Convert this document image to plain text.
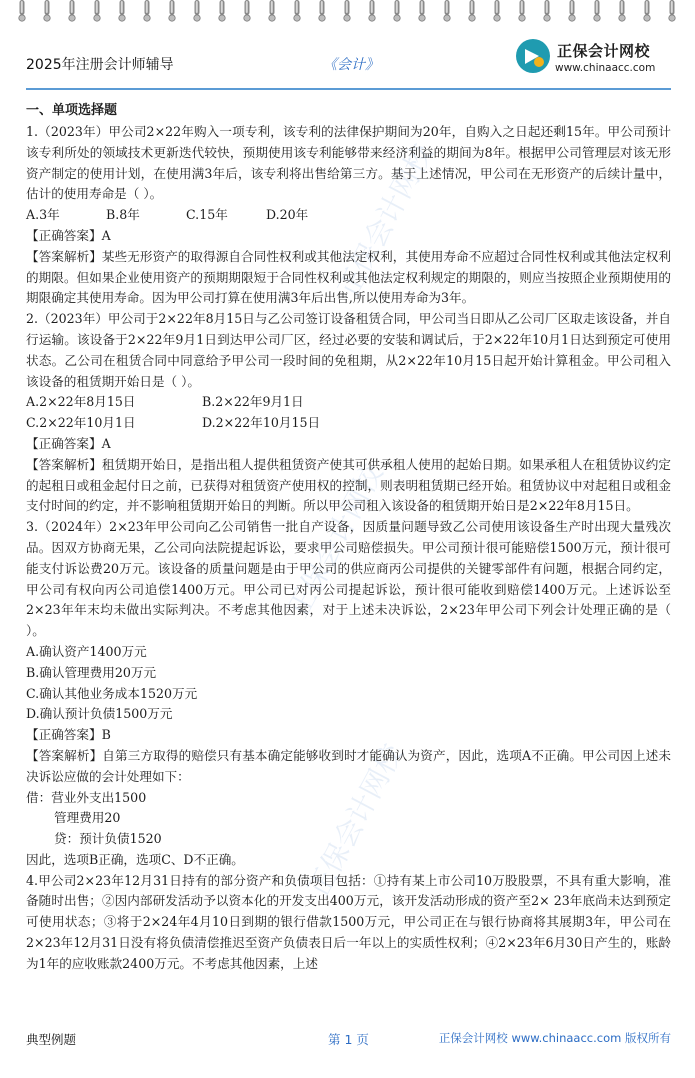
2025年注册会计师辅导	《会计》
正保会计网校
www.chinaacc.com
正保会计网校
正保会计网校
正保会计网校
一、单项选择题

1.（2023年）甲公司2×22年购入一项专利，该专利的法律保护期间为20年，自购入之日起还剩15年。甲公司预计该专利所处的领域技术更新迭代较快，预期使用该专利能够带来经济利益的期间为8年。根据甲公司管理层对该无形资产制定的使用计划，在使用满3年后，该专利将出售给第三方。基于上述情况，甲公司在无形资产的后续计量中，估计的使用寿命是（ ）。

A.3年	B.8年	C.15年	D.20年

【正确答案】A

【答案解析】某些无形资产的取得源自合同性权利或其他法定权利，其使用寿命不应超过合同性权利或其他法定权利的期限。但如果企业使用资产的预期期限短于合同性权利或其他法定权利规定的期限的，则应当按照企业预期使用的期限确定其使用寿命。因为甲公司打算在使用满3年后出售,所以使用寿命为3年。

2.（2023年）甲公司于2×22年8月15日与乙公司签订设备租赁合同，甲公司当日即从乙公司厂区取走该设备，并自行运输。该设备于2×22年9月1日到达甲公司厂区，经过必要的安装和调试后，于2×22年10月1日达到预定可使用状态。乙公司在租赁合同中同意给予甲公司一段时间的免租期，从2×22年10月15日起开始计算租金。甲公司租入该设备的租赁期开始日是（ ）。

A.2×22年8月15日	B.2×22年9月1日
C.2×22年10月1日	D.2×22年10月15日

【正确答案】A

【答案解析】租赁期开始日，是指出租人提供租赁资产使其可供承租人使用的起始日期。如果承租人在租赁协议约定的起租日或租金起付日之前，已获得对租赁资产使用权的控制，则表明租赁期已经开始。租赁协议中对起租日或租金支付时间的约定，并不影响租赁期开始日的判断。所以甲公司租入该设备的租赁期开始日是2×22年8月15日。

3.（2024年）2×23年甲公司向乙公司销售一批自产设备，因质量问题导致乙公司使用该设备生产时出现大量残次品。因双方协商无果，乙公司向法院提起诉讼，要求甲公司赔偿损失。甲公司预计很可能赔偿1500万元，预计很可能支付诉讼费20万元。该设备的质量问题是由于甲公司的供应商丙公司提供的关键零部件有问题，根据合同约定，甲公司有权向丙公司追偿1400万元。甲公司已对丙公司提起诉讼，预计很可能收到赔偿1400万元。上述诉讼至2×23年年末均未做出实际判决。不考虑其他因素，对于上述未决诉讼，2×23年甲公司下列会计处理正确的是（ ）。

A.确认资产1400万元

B.确认管理费用20万元

C.确认其他业务成本1520万元

D.确认预计负债1500万元

【正确答案】B

【答案解析】自第三方取得的赔偿只有基本确定能够收到时才能确认为资产，因此，选项A不正确。甲公司因上述未决诉讼应做的会计处理如下：

借：营业外支出1500

管理费用20

贷：预计负债1520

因此，选项B正确，选项C、D不正确。

4.甲公司2×23年12月31日持有的部分资产和负债项目包括：①持有某上市公司10万股股票，不具有重大影响，准备随时出售；②因内部研发活动予以资本化的开发支出400万元，该开发活动形成的资产至2× 23年底尚未达到预定可使用状态；③将于2×24年4月10日到期的银行借款1500万元，甲公司正在与银行协商将其展期3年，甲公司在2×23年12月31日没有将负债清偿推迟至资产负债表日后一年以上的实质性权利；④2×23年6月30日产生的，账龄为1年的应收账款2400万元。不考虑其他因素，上述

典型例题	第 1 页	正保会计网校 www.chinaacc.com 版权所有
